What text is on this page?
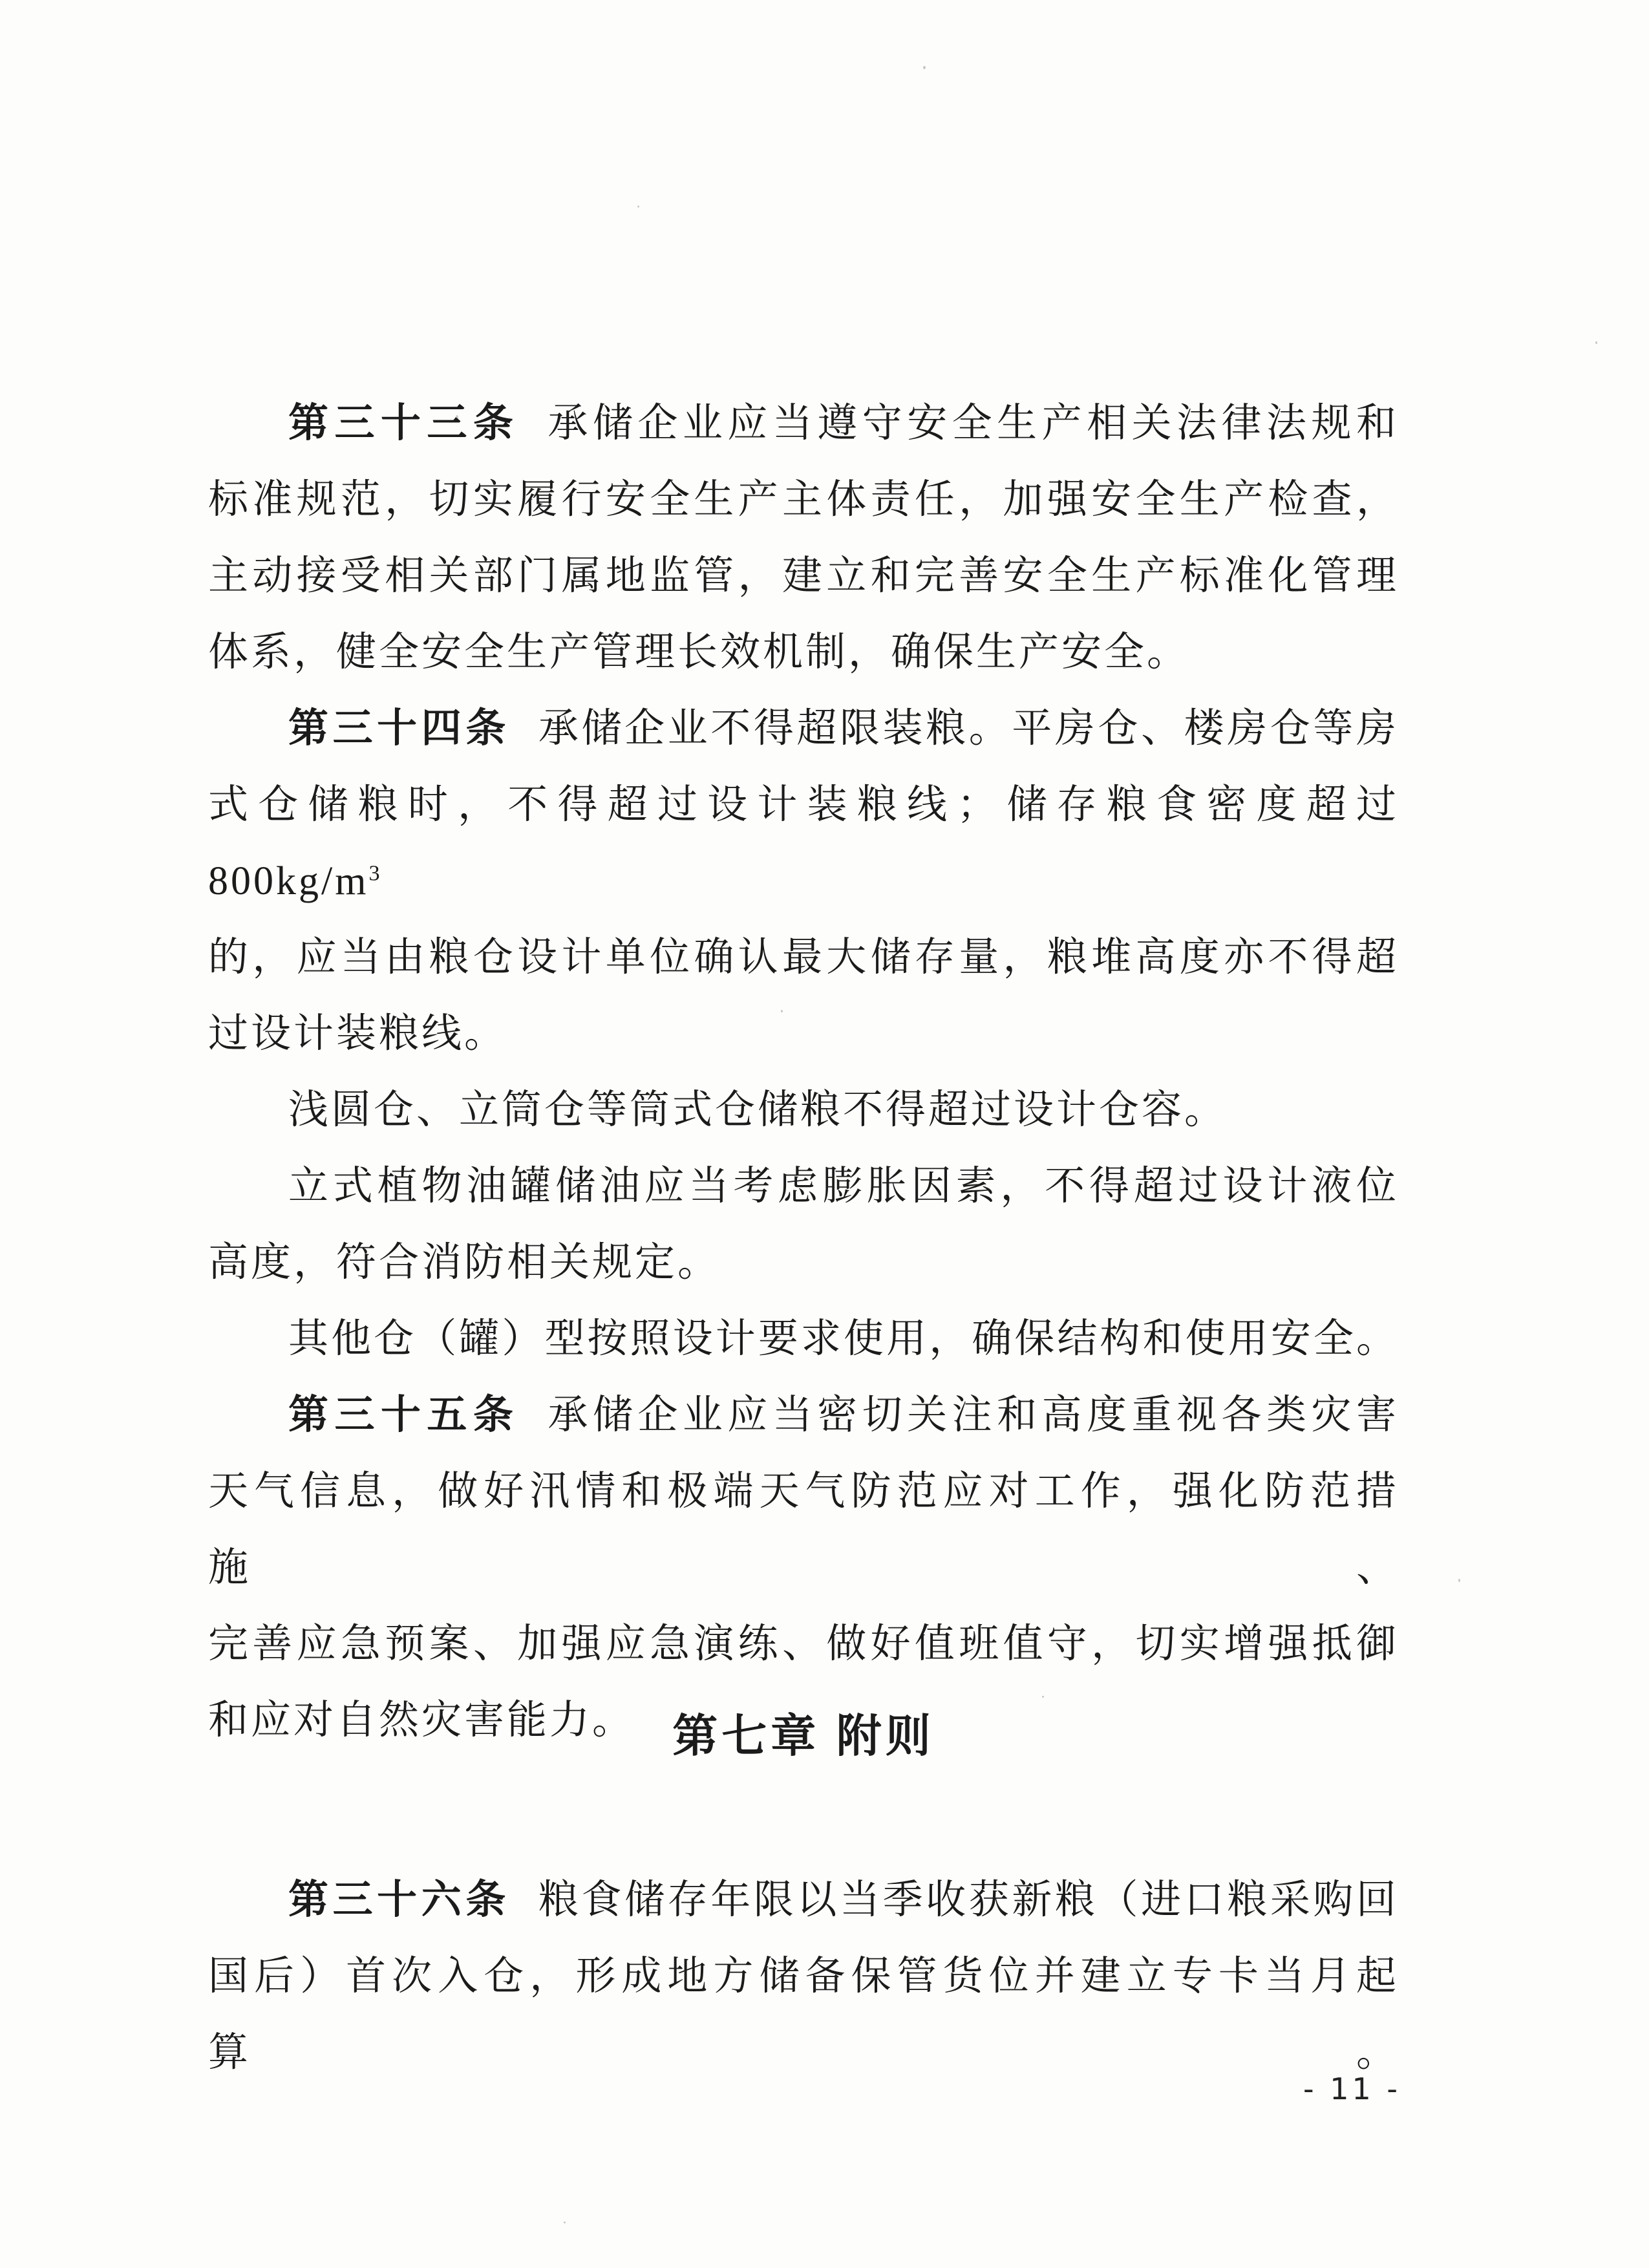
第三十三条 承储企业应当遵守安全生产相关法律法规和
标准规范，切实履行安全生产主体责任，加强安全生产检查，
主动接受相关部门属地监管，建立和完善安全生产标准化管理
体系，健全安全生产管理长效机制，确保生产安全。
第三十四条 承储企业不得超限装粮。平房仓、楼房仓等房
式仓储粮时，不得超过设计装粮线；储存粮食密度超过 $800kg/m^3$
的，应当由粮仓设计单位确认最大储存量，粮堆高度亦不得超
过设计装粮线。
浅圆仓、立筒仓等筒式仓储粮不得超过设计仓容。
立式植物油罐储油应当考虑膨胀因素，不得超过设计液位
高度，符合消防相关规定。
其他仓（罐）型按照设计要求使用，确保结构和使用安全。
第三十五条 承储企业应当密切关注和高度重视各类灾害
天气信息，做好汛情和极端天气防范应对工作，强化防范措施、
完善应急预案、加强应急演练、做好值班值守，切实增强抵御
和应对自然灾害能力。 第七章 附则
第三十六条 粮食储存年限以当季收获新粮（进口粮采购回
国后）首次入仓，形成地方储备保管货位并建立专卡当月起算。
- 11 -
